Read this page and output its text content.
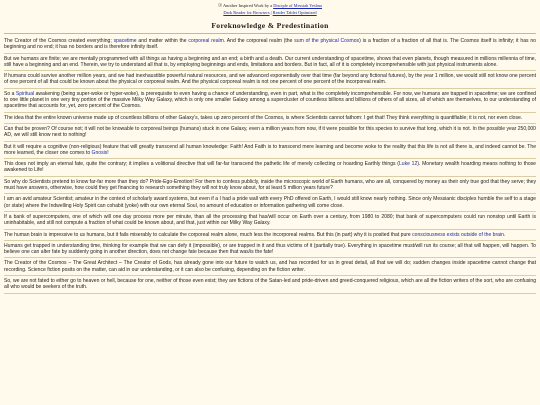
🄯 Another Inspired Work by a Disciple of Messiah Yeshua
Dark Reader for Browsers | Reader Tablet Optimized
Foreknowledge & Predestination

The Creator of the Cosmos created everything; spacetime and matter within the corporeal realm. And the corporeal realm (the sum of the physical Cosmos) is a fraction of a fraction of all that is. The Cosmos itself is infinity; it has no beginning and no end; it has no borders and is therefore infinity itself.

But we humans are finite; we are mentally programmed with all things as having a beginning and an end; a birth and a death. Our current understanding of spacetime, shows that even planets, though measured in millions millennia of time, still have a beginning and an end. Therein, we try to understand all that is, by employing beginnings and ends, limitations and borders. But in fact, all of it is completely incomprehensible with just physical instruments alone.

If humans could survive another million years, and we had inexhaustible powerful natural resources, and we advanced exponentially over that time (far beyond any fictional futures), by the year 1 million, we would still not know one percent of one percent of all that could be known about the physical or corporeal realm. And the physical corporeal realm is not one percent of one percent of the incorporeal realm.

So a Spiritual awakening (being super-woke or hyper-woke), is prerequisite to even having a chance of understanding, even in part, what is the completely incomprehensible. For now, we humans are trapped in spacetime; we are confined to one little planet in one very tiny portion of the massive Milky Way Galaxy, which is only one smaller Galaxy among a supercluster of countless billions and billions of others of all sizes, all of which are themselves, to our understanding of spacetime that accounts for, yet, zero percent of the Cosmos.

The idea that the entire known universe made up of countless billions of other Galaxy's, takes up zero percent of the Cosmos, is where Scientists cannot fathom: I get that! They think everything is quantifiable; it is not, nor even close.

Can that be proven? Of course not; it will not be knowable to corporeal beings (humans) stuck in one Galaxy, even a million years from now, if it were possible for this species to survive that long, which it is not. In the possible year 250,000 AD, we will still know next to nothing!

But it will require a cognitive (non-religious) feature that will greatly transcend all human knowledge: Faith! And Faith is to transcend mere learning and become woke to the reality that this life is not all there is, and indeed cannot be. The more learned, the closer one comes to Gnosis!

This does not imply an eternal fate, quite the contrary; it implies a volitional directive that will far-far transcend the pathetic life of merely collecting or hoarding Earthly things (Luke 12). Monetary wealth hoarding means nothing to those awakened to Life!

So why do Scientists pretend to know far-far more than they do? Pride-Ego-Emotion! For them to confess publicly, inside the microscopic world of Earth humans, who are all, conquered by money as their only true god that they serve; they must have answers, otherwise, how could they get financing to research something they will not truly know about, for at least 5 million years future?

I am an avid amateur Scientist; amateur in the context of scholarly award systems, but even if a I had a pride wall with every PhD offered on Earth, I would still know nearly nothing. Since only Messianic disciples humble the self to a stage (or state) where the Indwelling Holy Spirit can cohabit (yoke) with our own eternal Soul, no amount of education or information gathering will come close.

If a bank of supercomputers, one of which will one day process more per minute, than all the processing that has/will occur on Earth over a century, from 1980 to 2080; that bank of supercomputers could run nonstop until Earth is uninhabitable, and still not compute a fraction of what could be known about, and that, just within our Milky Way Galaxy.

The human brain is impressive to us humans, but it fails miserably to calculate the corporeal realm alone, much less the incorporeal realms. But this (in part) why it is posited that pure consciousness exists outside of the brain.

Humans get trapped in understanding time, thinking for example that we can defy it (impossible), or are trapped in it and thus victims of it (partially true). Everything in spacetime must/will run its course; all that will happen, will happen. To believe one can alter fate by suddenly going in another direction, does not change fate because then that was/is the fate!

The Creator of the Cosmos – The Great Architect – The Creator of Gods, has already gone into our future to watch us, and has recorded for us in great detail, all that we will do; sudden changes inside spacetime cannot change that recording. Science fiction posits on the matter, can aid in our understanding, or it can also be confusing, depending on the fiction writer.

So, we are not fated to either go to heaven or hell, because for one, neither of those even exist; they are fictions of the Satan-led and pride-driven and greed-conquered religious, which are all the fiction writers of the sort, who are confusing all who would be seekers of the truth.
